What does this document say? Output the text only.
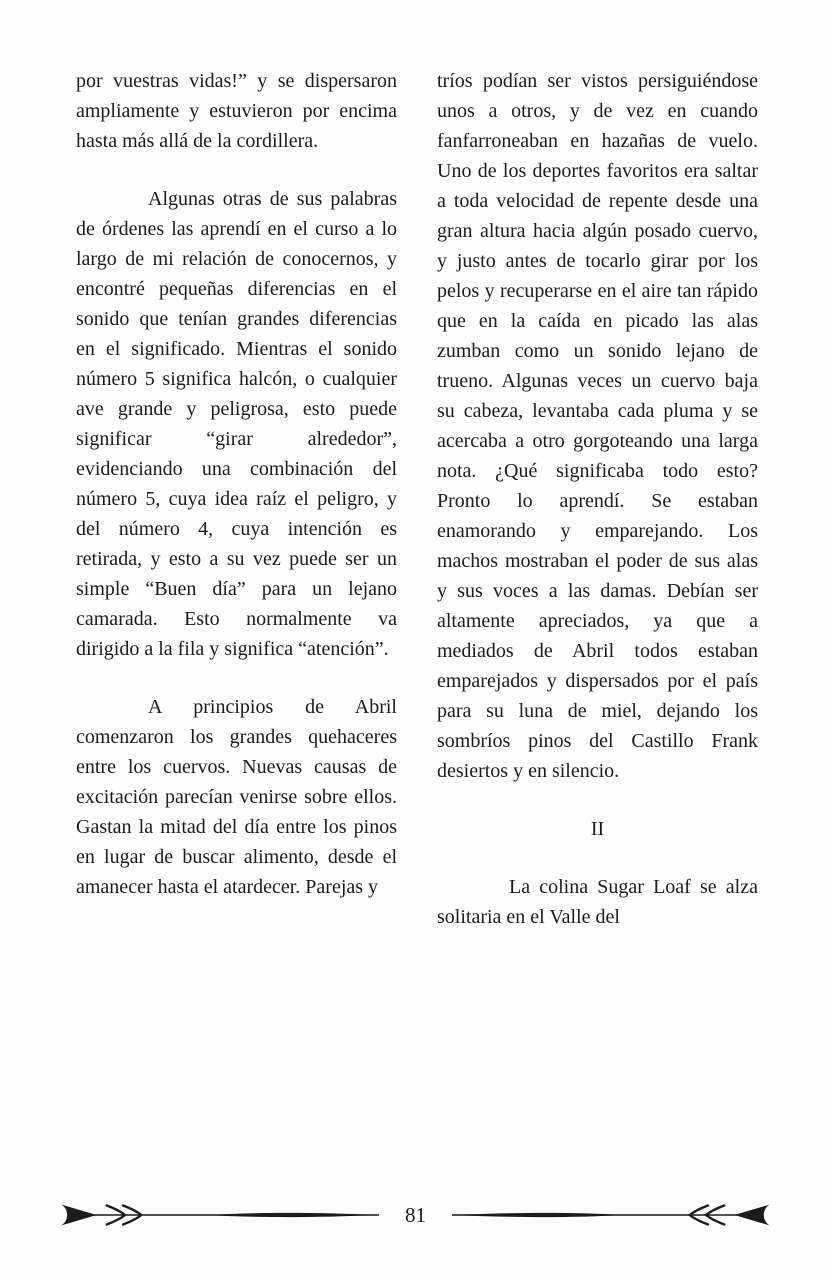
por vuestras vidas!” y se dispersaron ampliamente y estuvieron por encima hasta más allá de la cordillera.

Algunas otras de sus palabras de órdenes las aprendí en el curso a lo largo de mi relación de conocernos, y encontré pequeñas diferencias en el sonido que tenían grandes diferencias en el significado. Mientras el sonido número 5 significa halcón, o cualquier ave grande y peligrosa, esto puede significar “girar alrededor”, evidenciando una combinación del número 5, cuya idea raíz el peligro, y del número 4, cuya intención es retirada, y esto a su vez puede ser un simple “Buen día” para un lejano camarada. Esto normalmente va dirigido a la fila y significa “atención”.

A principios de Abril comenzaron los grandes quehaceres entre los cuervos. Nuevas causas de excitación parecían venirse sobre ellos. Gastan la mitad del día entre los pinos en lugar de buscar alimento, desde el amanecer hasta el atardecer. Parejas y

tríos podían ser vistos persiguiéndose unos a otros, y de vez en cuando fanfarroneaban en hazañas de vuelo. Uno de los deportes favoritos era saltar a toda velocidad de repente desde una gran altura hacia algún posado cuervo, y justo antes de tocarlo girar por los pelos y recuperarse en el aire tan rápido que en la caída en picado las alas zumban como un sonido lejano de trueno. Algunas veces un cuervo baja su cabeza, levantaba cada pluma y se acercaba a otro gorgoteando una larga nota. ¿Qué significaba todo esto? Pronto lo aprendí. Se estaban enamorando y emparejando. Los machos mostraban el poder de sus alas y sus voces a las damas. Debían ser altamente apreciados, ya que a mediados de Abril todos estaban emparejados y dispersados por el país para su luna de miel, dejando los sombríos pinos del Castillo Frank desiertos y en silencio.

II

La colina Sugar Loaf se alza solitaria en el Valle del

81
